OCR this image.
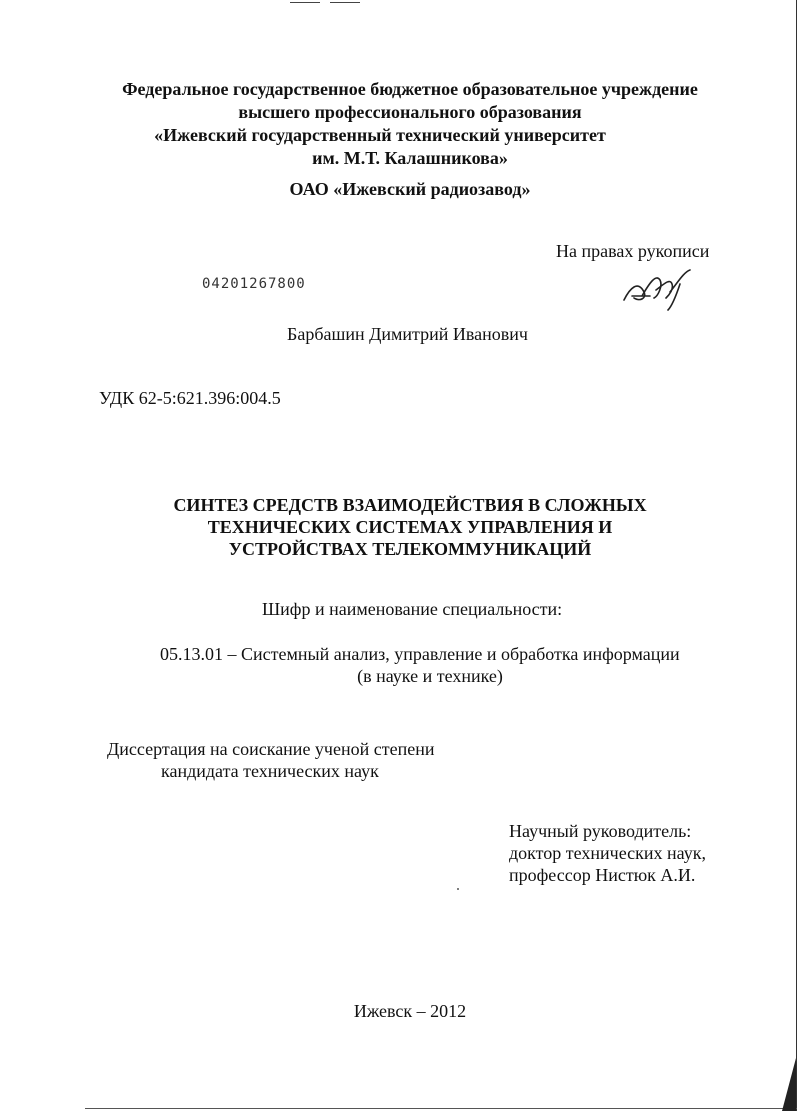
Федеральное государственное бюджетное образовательное учреждение
высшего профессионального образования
«Ижевский государственный технический университет
им. М.Т. Калашникова»
ОАО «Ижевский радиозавод»
На правах рукописи
04201267800
Барбашин Димитрий Иванович
УДК 62-5:621.396:004.5
СИНТЕЗ СРЕДСТВ ВЗАИМОДЕЙСТВИЯ В СЛОЖНЫХ
ТЕХНИЧЕСКИХ СИСТЕМАХ УПРАВЛЕНИЯ И
УСТРОЙСТВАХ ТЕЛЕКОММУНИКАЦИЙ
Шифр и наименование специальности:
05.13.01 – Системный анализ, управление и обработка информации
(в науке и технике)
Диссертация на соискание ученой степени
кандидата технических наук
Научный руководитель:
доктор технических наук,
профессор Нистюк А.И.
Ижевск – 2012
